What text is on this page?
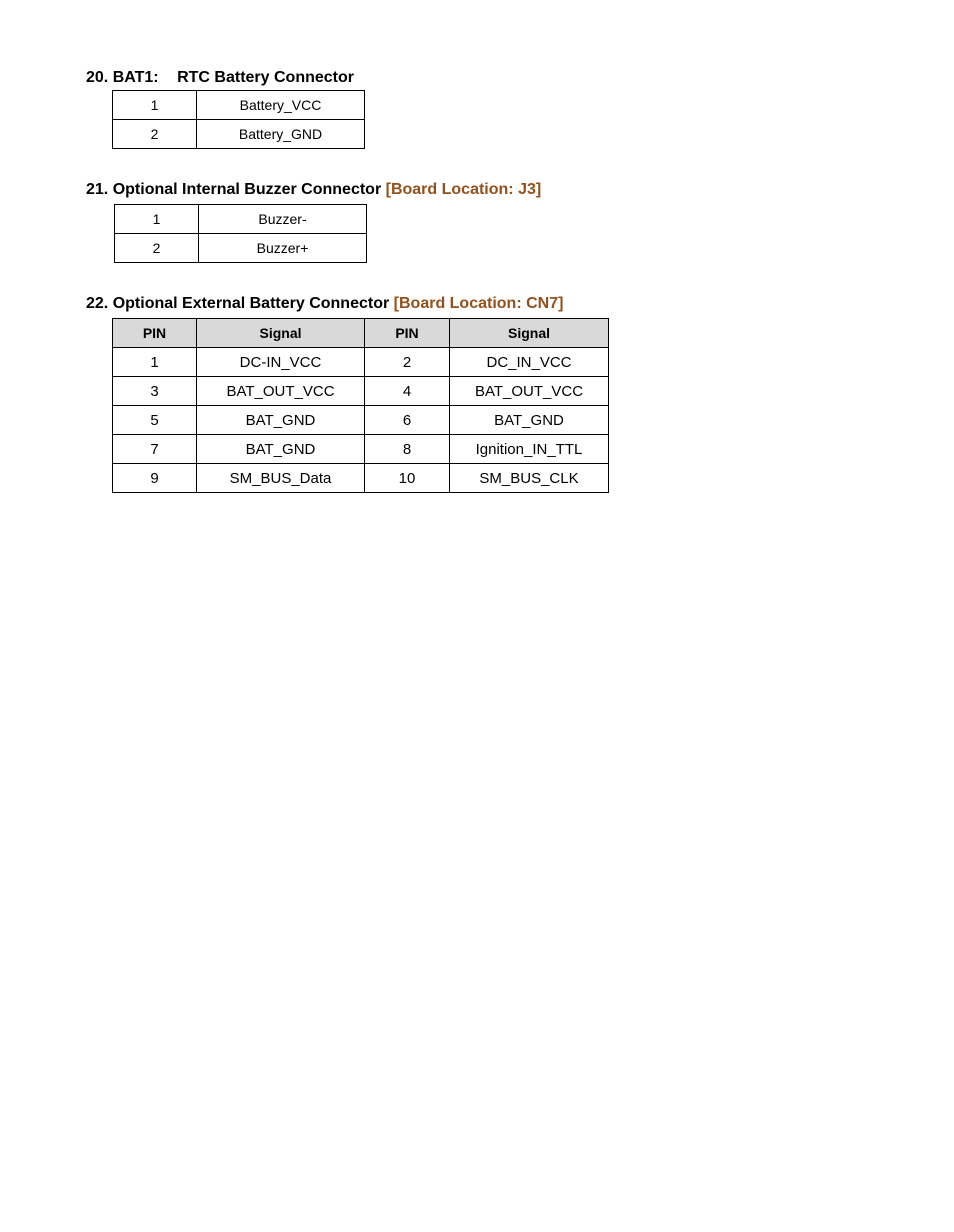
20. BAT1: RTC Battery Connector
1	Battery_VCC
2	Battery_GND
21. Optional Internal Buzzer Connector [Board Location: J3]
1	Buzzer-
2	Buzzer+
22. Optional External Battery Connector [Board Location: CN7]
PIN	Signal	PIN	Signal
1	DC-IN_VCC	2	DC_IN_VCC
3	BAT_OUT_VCC	4	BAT_OUT_VCC
5	BAT_GND	6	BAT_GND
7	BAT_GND	8	Ignition_IN_TTL
9	SM_BUS_Data	10	SM_BUS_CLK
